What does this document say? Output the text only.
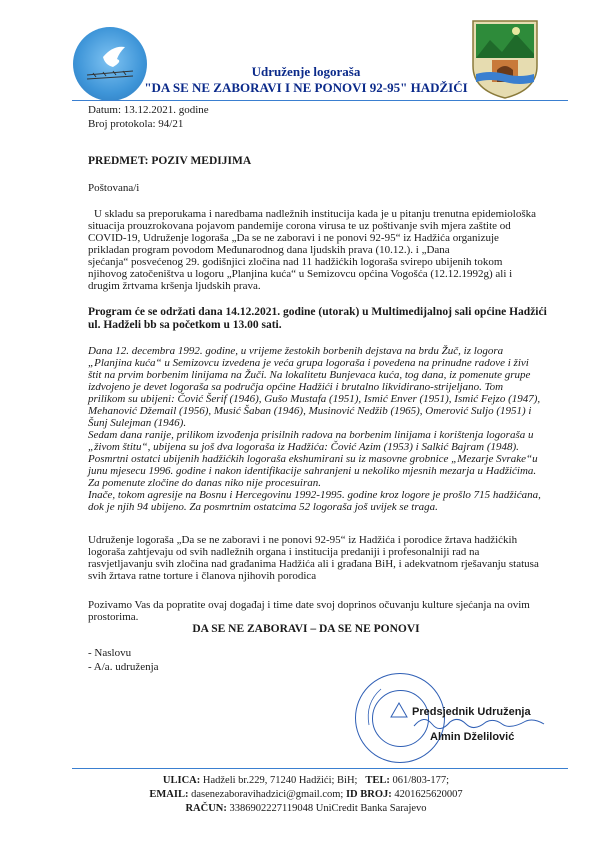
Udruženje logoraša
"DA SE NE ZABORAVI I NE PONOVI 92-95" HADŽIĆI
Datum: 13.12.2021. godine
Broj protokola: 94/21
PREDMET: POZIV MEDIJIMA
Poštovana/i
U skladu sa preporukama i naredbama nadležnih institucija kada je u pitanju trenutna epidemiološka
situacija prouzrokovana pojavom pandemije corona virusa te uz poštivanje svih mjera zaštite od
COVID-19, Udruženje logoraša „Da se ne zaboravi i ne ponovi 92-95“ iz Hadžića organizuje
prikladan program povodom Međunarodnog dana ljudskih prava (10.12.). i „Dana
sjećanja“ posvećenog 29. godišnjici zločina nad 11 hadžićkih logoraša svirepo ubijenih tokom
njihovog zatočeništva u logoru „Planjina kuća“ u Semizovcu općina Vogošća (12.12.1992g) ali i
drugim žrtvama kršenja ljudskih prava.
Program će se održati dana 14.12.2021. godine (utorak) u Multimedijalnoj sali općine Hadžići
ul. Hadželi bb sa početkom u 13.00 sati.
Dana 12. decembra 1992. godine, u vrijeme žestokih borbenih dejstava na brdu Žuč, iz logora
„Planjina kuća“ u Semizovcu izvedena je veća grupa logoraša i povedena na prinudne radove i živi
štit na prvim borbenim linijama na Žuči. Na lokalitetu Bunjevaca kuća, tog dana, iz pomenute grupe
izdvojeno je devet logoraša sa područja općine Hadžići i brutalno likvidirano-strijeljano. Tom
prilikom su ubijeni: Čović Šerif (1946), Gušo Mustafa (1951), Ismić Enver (1951), Ismić Fejzo (1947),
Mehanović Džemail (1956), Musić Šaban (1946), Musinović Nedžib (1965), Omerović Suljo (1951) i
Šunj Sulejman (1946).
Sedam dana ranije, prilikom izvođenja prisilnih radova na borbenim linijama i korištenja logoraša u
„živom štitu“, ubijena su još dva logoraša iz Hadžića: Čović Azim (1953) i Salkić Bajram (1948).
Posmrtni ostatci ubijenih hadžićkih logoraša ekshumirani su iz masovne grobnice „Mezarje Svrake“u
junu mjesecu 1996. godine i nakon identifikacije sahranjeni u nekoliko mjesnih mezarja u Hadžićima.
Za pomenute zločine do danas niko nije procesuiran.
Inače, tokom agresije na Bosnu i Hercegovinu 1992-1995. godine kroz logore je prošlo 715 hadžićana,
dok je njih 94 ubijeno. Za posmrtnim ostatcima 52 logoraša još uvijek se traga.
Udruženje logoraša „Da se ne zaboravi i ne ponovi 92-95“ iz Hadžića i porodice žrtava hadžićkih
logoraša zahtjevaju od svih nadležnih organa i institucija predaniji i profesonalniji rad na
rasvjetljavanju svih zločina nad građanima Hadžića ali i građana BiH, i adekvatnom rješavanju statusa
svih žrtava ratne torture i članova njihovih porodica
Pozivamo Vas da popratite ovaj događaj i time date svoj doprinos očuvanju kulture sjećanja na ovim
prostorima.
DA SE NE ZABORAVI – DA SE NE PONOVI
- Naslovu
- A/a. udruženja
Predsjednik Udruženja
Almin Dželilović
ULICA: Hadželi br.229, 71240 Hadžići; BiH; TEL: 061/803-177;
EMAIL: dasenezaboravihadzici@gmail.com; ID BROJ: 4201625620007
RAČUN: 3386902227119048 UniCredit Banka Sarajevo
